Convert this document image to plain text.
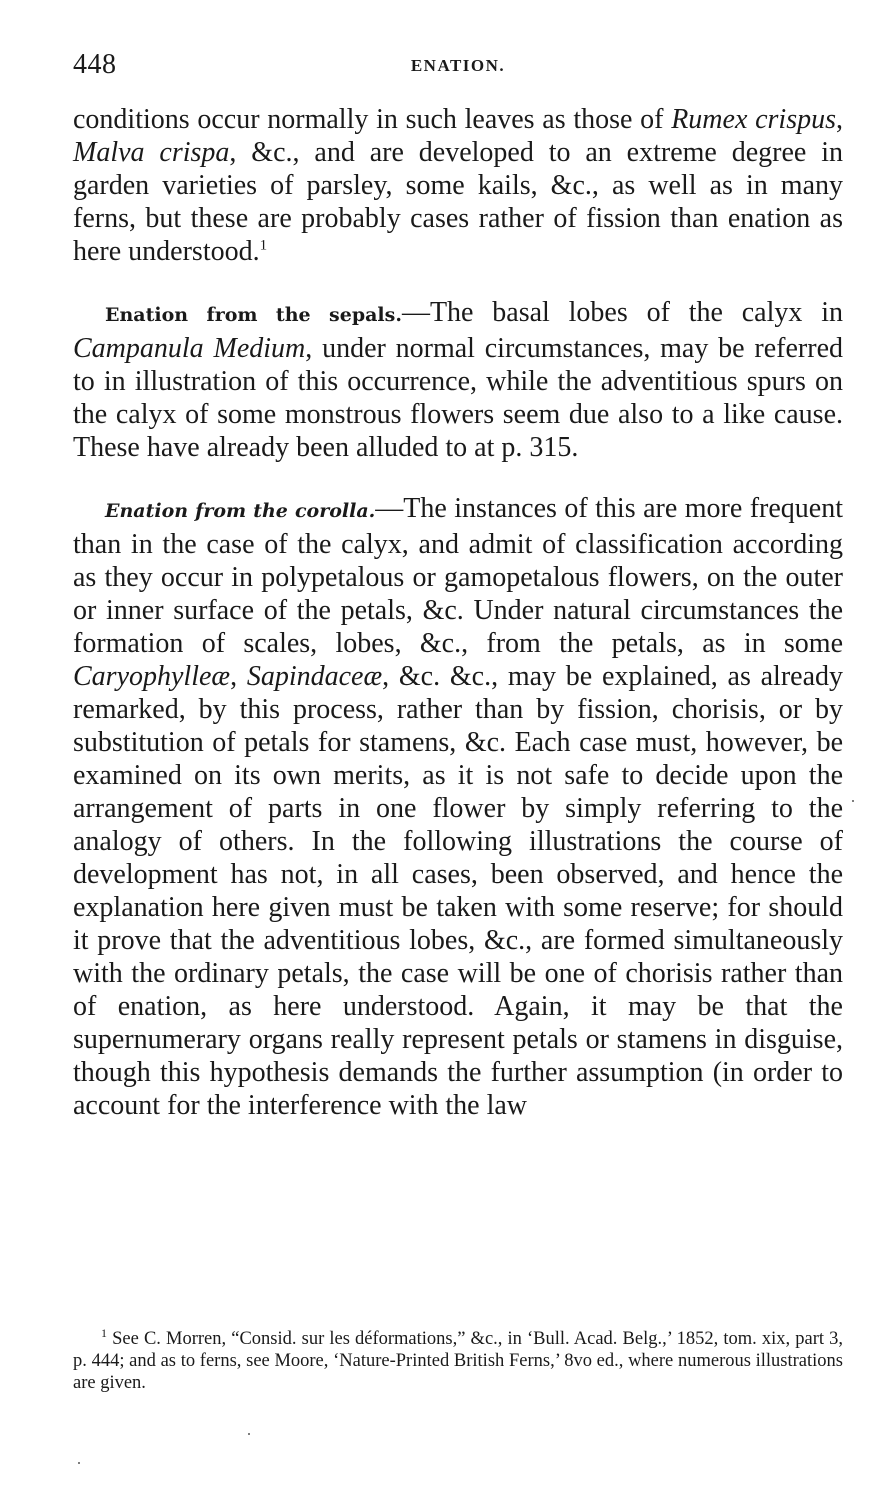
448	ENATION.

conditions occur normally in such leaves as those of Rumex crispus, Malva crispa, &c., and are developed to an extreme degree in garden varieties of parsley, some kails, &c., as well as in many ferns, but these are probably cases rather of fission than enation as here understood.$^1$

Enation from the sepals.—The basal lobes of the calyx in Campanula Medium, under normal circumstances, may be referred to in illustration of this occurrence, while the adventitious spurs on the calyx of some monstrous flowers seem due also to a like cause. These have already been alluded to at p. 315.

Enation from the corolla.—The instances of this are more frequent than in the case of the calyx, and admit of classification according as they occur in polypetalous or gamopetalous flowers, on the outer or inner surface of the petals, &c. Under natural circumstances the formation of scales, lobes, &c., from the petals, as in some Caryophylleæ, Sapindaceæ, &c. &c., may be explained, as already remarked, by this process, rather than by fission, chorisis, or by substitution of petals for stamens, &c. Each case must, however, be examined on its own merits, as it is not safe to decide upon the arrangement of parts in one flower by simply referring to the analogy of others. In the following illustrations the course of development has not, in all cases, been observed, and hence the explanation here given must be taken with some reserve; for should it prove that the adventitious lobes, &c., are formed simultaneously with the ordinary petals, the case will be one of chorisis rather than of enation, as here understood. Again, it may be that the supernumerary organs really represent petals or stamens in disguise, though this hypothesis demands the further assumption (in order to account for the interference with the law

$^1$ See C. Morren, “Consid. sur les déformations,” &c., in ‘Bull. Acad. Belg.,’ 1852, tom. xix, part 3, p. 444; and as to ferns, see Moore, ‘Nature-Printed British Ferns,’ 8vo ed., where numerous illustrations are given.
